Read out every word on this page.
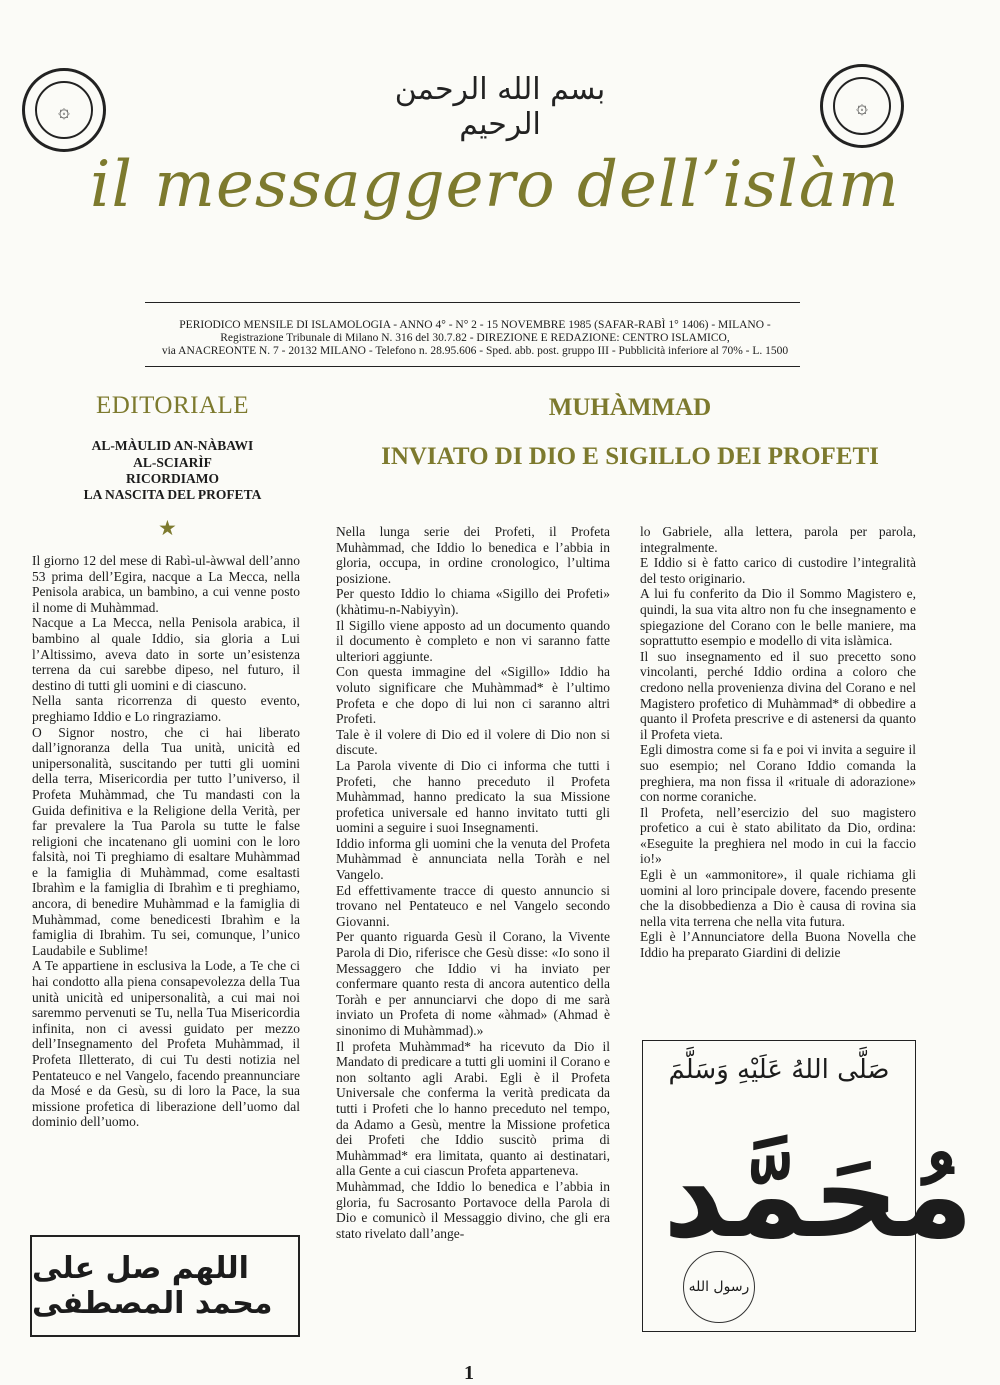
۞	۞
بسم الله الرحمن الرحيم
il messaggero dell’islàm
PERIODICO MENSILE DI ISLAMOLOGIA - ANNO 4° - N° 2 - 15 NOVEMBRE 1985 (SAFAR-RABÌ 1° 1406) - MILANO -
Registrazione Tribunale di Milano N. 316 del 30.7.82 - DIREZIONE E REDAZIONE: CENTRO ISLAMICO,
via ANACREONTE N. 7 - 20132 MILANO - Telefono n. 28.95.606 - Sped. abb. post. gruppo III - Pubblicità inferiore al 70% - L. 1500
EDITORIALE
AL-MÀULID AN-NÀBAWI
AL-SCIARÌF
RICORDIAMO
LA NASCITA DEL PROFETA
★
MUHÀMMAD
INVIATO DI DIO E SIGILLO DEI PROFETI

Il giorno 12 del mese di Rabì-ul-àwwal dell’anno 53 prima dell’Egira, nacque a La Mecca, nella Penisola arabica, un bambino, a cui venne posto il nome di Muhàmmad.

Nacque a La Mecca, nella Penisola arabica, il bambino al quale Iddio, sia gloria a Lui l’Altissimo, aveva dato in sorte un’esistenza terrena da cui sarebbe dipeso, nel futuro, il destino di tutti gli uomini e di ciascuno.

Nella santa ricorrenza di questo evento, preghiamo Iddio e Lo ringraziamo.

O Signor nostro, che ci hai liberato dall’ignoranza della Tua unità, unicità ed unipersonalità, suscitando per tutti gli uomini della terra, Misericordia per tutto l’universo, il Profeta Muhàmmad, che Tu mandasti con la Guida definitiva e la Religione della Verità, per far prevalere la Tua Parola su tutte le false religioni che incatenano gli uomini con le loro falsità, noi Ti preghiamo di esaltare Muhàmmad e la famiglia di Muhàmmad, come esaltasti Ibrahìm e la famiglia di Ibrahìm e ti preghiamo, ancora, di benedire Muhàmmad e la famiglia di Muhàmmad, come benedicesti Ibrahìm e la famiglia di Ibrahìm. Tu sei, comunque, l’unico Laudabile e Sublime!

A Te appartiene in esclusiva la Lode, a Te che ci hai condotto alla piena consapevolezza della Tua unità unicità ed unipersonalità, a cui mai noi saremmo pervenuti se Tu, nella Tua Misericordia infinita, non ci avessi guidato per mezzo dell’Insegnamento del Profeta Muhàmmad, il Profeta Illetterato, di cui Tu desti notizia nel Pentateuco e nel Vangelo, facendo preannunciare da Mosé e da Gesù, su di loro la Pace, la sua missione profetica di liberazione dell’uomo dal dominio dell’uomo.

Nella lunga serie dei Profeti, il Profeta Muhàmmad, che Iddio lo benedica e l’abbia in gloria, occupa, in ordine cronologico, l’ultima posizione.

Per questo Iddio lo chiama «Sigillo dei Profeti» (khàtimu-n-Nabiyyìn).

Il Sigillo viene apposto ad un documento quando il documento è completo e non vi saranno fatte ulteriori aggiunte.

Con questa immagine del «Sigillo» Iddio ha voluto significare che Muhàmmad* è l’ultimo Profeta e che dopo di lui non ci saranno altri Profeti.

Tale è il volere di Dio ed il volere di Dio non si discute.

La Parola vivente di Dio ci informa che tutti i Profeti, che hanno preceduto il Profeta Muhàmmad, hanno predicato la sua Missione profetica universale ed hanno invitato tutti gli uomini a seguire i suoi Insegnamenti.

Iddio informa gli uomini che la venuta del Profeta Muhàmmad è annunciata nella Toràh e nel Vangelo.

Ed effettivamente tracce di questo annuncio si trovano nel Pentateuco e nel Vangelo secondo Giovanni.

Per quanto riguarda Gesù il Corano, la Vivente Parola di Dio, riferisce che Gesù disse: «Io sono il Messaggero che Iddio vi ha inviato per confermare quanto resta di ancora autentico della Toràh e per annunciarvi che dopo di me sarà inviato un Profeta di nome «àhmad» (Ahmad è sinonimo di Muhàmmad).»

Il profeta Muhàmmad* ha ricevuto da Dio il Mandato di predicare a tutti gli uomini il Corano e non soltanto agli Arabi. Egli è il Profeta Universale che conferma la verità predicata da tutti i Profeti che lo hanno preceduto nel tempo, da Adamo a Gesù, mentre la Missione profetica dei Profeti che Iddio suscitò prima di Muhàmmad* era limitata, quanto ai destinatari, alla Gente a cui ciascun Profeta apparteneva.

Muhàmmad, che Iddio lo benedica e l’abbia in gloria, fu Sacrosanto Portavoce della Parola di Dio e comunicò il Messaggio divino, che gli era stato rivelato dall’ange-

lo Gabriele, alla lettera, parola per parola, integralmente.

E Iddio si è fatto carico di custodire l’integralità del testo originario.

A lui fu conferito da Dio il Sommo Magistero e, quindi, la sua vita altro non fu che insegnamento e spiegazione del Corano con le belle maniere, ma soprattutto esempio e modello di vita islàmica.

Il suo insegnamento ed il suo precetto sono vincolanti, perché Iddio ordina a coloro che credono nella provenienza divina del Corano e nel Magistero profetico di Muhàmmad* di obbedire a quanto il Profeta prescrive e di astenersi da quanto il Profeta vieta.

Egli dimostra come si fa e poi vi invita a seguire il suo esempio; nel Corano Iddio comanda la preghiera, ma non fissa il «rituale di adorazione» con norme coraniche.

Il Profeta, nell’esercizio del suo magistero profetico a cui è stato abilitato da Dio, ordina: «Eseguite la preghiera nel modo in cui la faccio io!»

Egli è un «ammonitore», il quale richiama gli uomini al loro principale dovere, facendo presente che la disobbedienza a Dio è causa di rovina sia nella vita terrena che nella vita futura.

Egli è l’Annunciatore della Buona Novella che Iddio ha preparato Giardini di delizie

اللهم صل على محمد المصطفى
صَلَّى اللهُ عَلَيْهِ وَسَلَّمَ
مُحَمَّد
رسول الله
1
